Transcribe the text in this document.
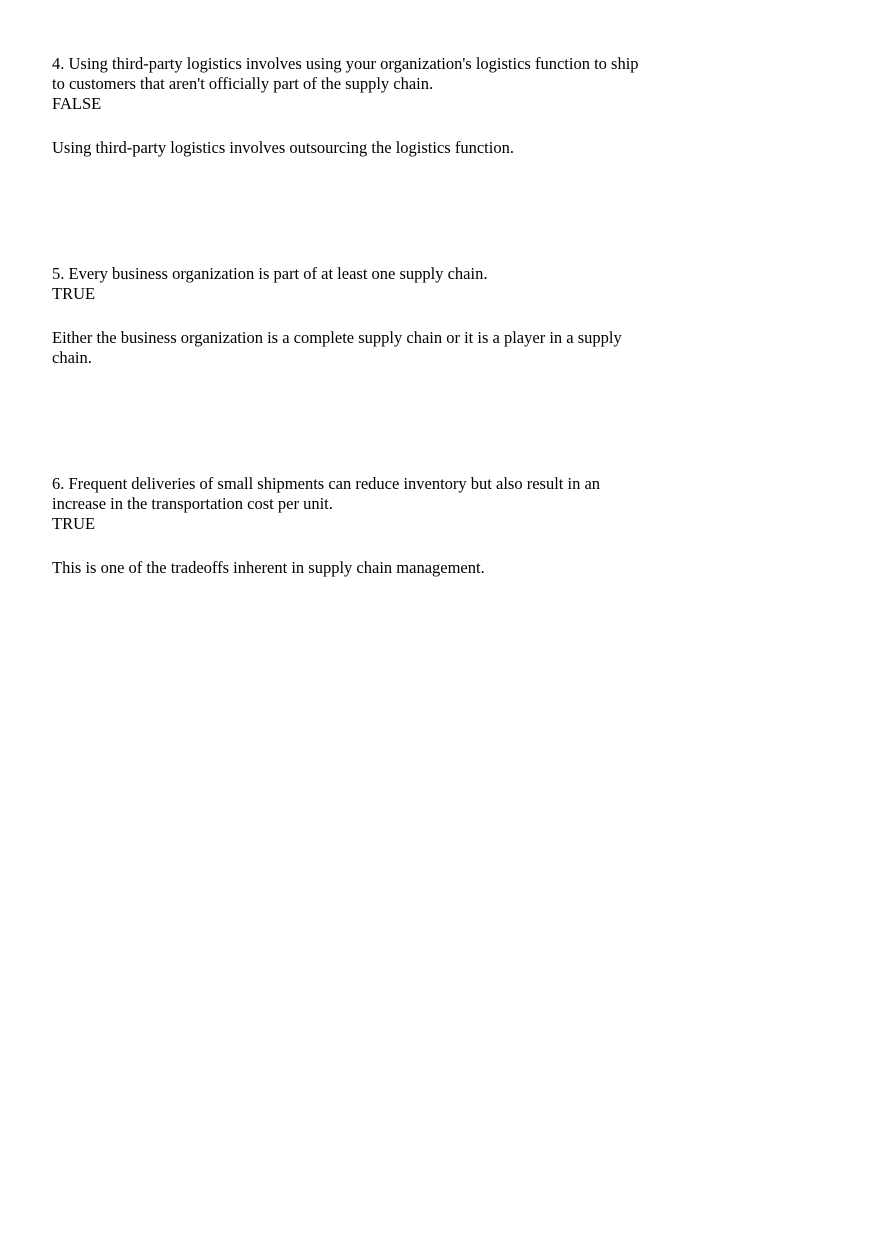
4. Using third-party logistics involves using your organization's logistics function to ship
to customers that aren't officially part of the supply chain.

FALSE

Using third-party logistics involves outsourcing the logistics function.

5. Every business organization is part of at least one supply chain.

TRUE

Either the business organization is a complete supply chain or it is a player in a supply
chain.

6. Frequent deliveries of small shipments can reduce inventory but also result in an
increase in the transportation cost per unit.

TRUE

This is one of the tradeoffs inherent in supply chain management.
